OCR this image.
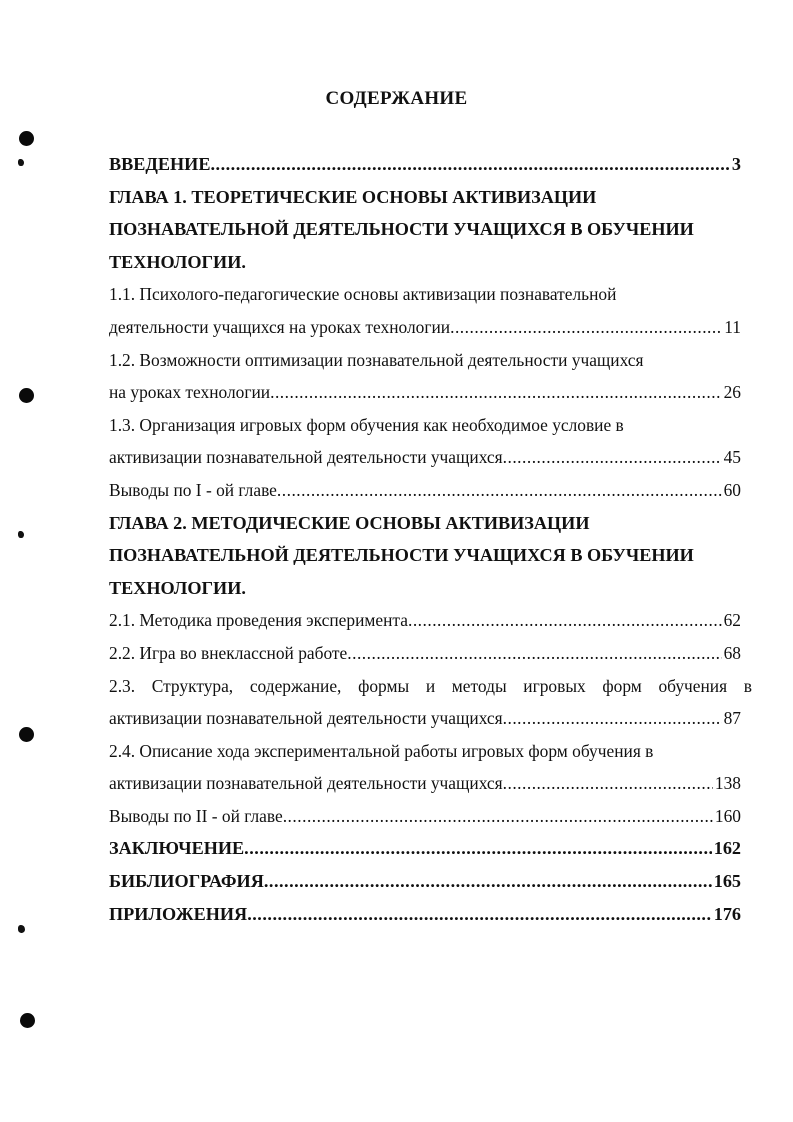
СОДЕРЖАНИЕ
ВВЕДЕНИЕ .....	3
ГЛАВА 1. ТЕОРЕТИЧЕСКИЕ ОСНОВЫ АКТИВИЗАЦИИ
ПОЗНАВАТЕЛЬНОЙ ДЕЯТЕЛЬНОСТИ УЧАЩИХСЯ В ОБУЧЕНИИ
ТЕХНОЛОГИИ.
1.1. Психолого-педагогические основы активизации познавательной
деятельности учащихся на уроках технологии .....	11
1.2. Возможности оптимизации познавательной деятельности учащихся
на уроках технологии .....	26
1.3. Организация игровых форм обучения как необходимое условие в
активизации познавательной деятельности учащихся .....	45
Выводы по I - ой главе .....	60
ГЛАВА 2. МЕТОДИЧЕСКИЕ ОСНОВЫ АКТИВИЗАЦИИ
ПОЗНАВАТЕЛЬНОЙ ДЕЯТЕЛЬНОСТИ УЧАЩИХСЯ В ОБУЧЕНИИ
ТЕХНОЛОГИИ.
2.1. Методика проведения эксперимента .....	62
2.2. Игра во внеклассной работе .....	68
2.3. Структура, содержание, формы и методы игровых форм обучения в
активизации познавательной деятельности учащихся .....	87
2.4. Описание хода экспериментальной работы игровых форм обучения в
активизации познавательной деятельности учащихся .....	138
Выводы по II - ой главе .....	160
ЗАКЛЮЧЕНИЕ .....	162
БИБЛИОГРАФИЯ .....	165
ПРИЛОЖЕНИЯ .....	176
